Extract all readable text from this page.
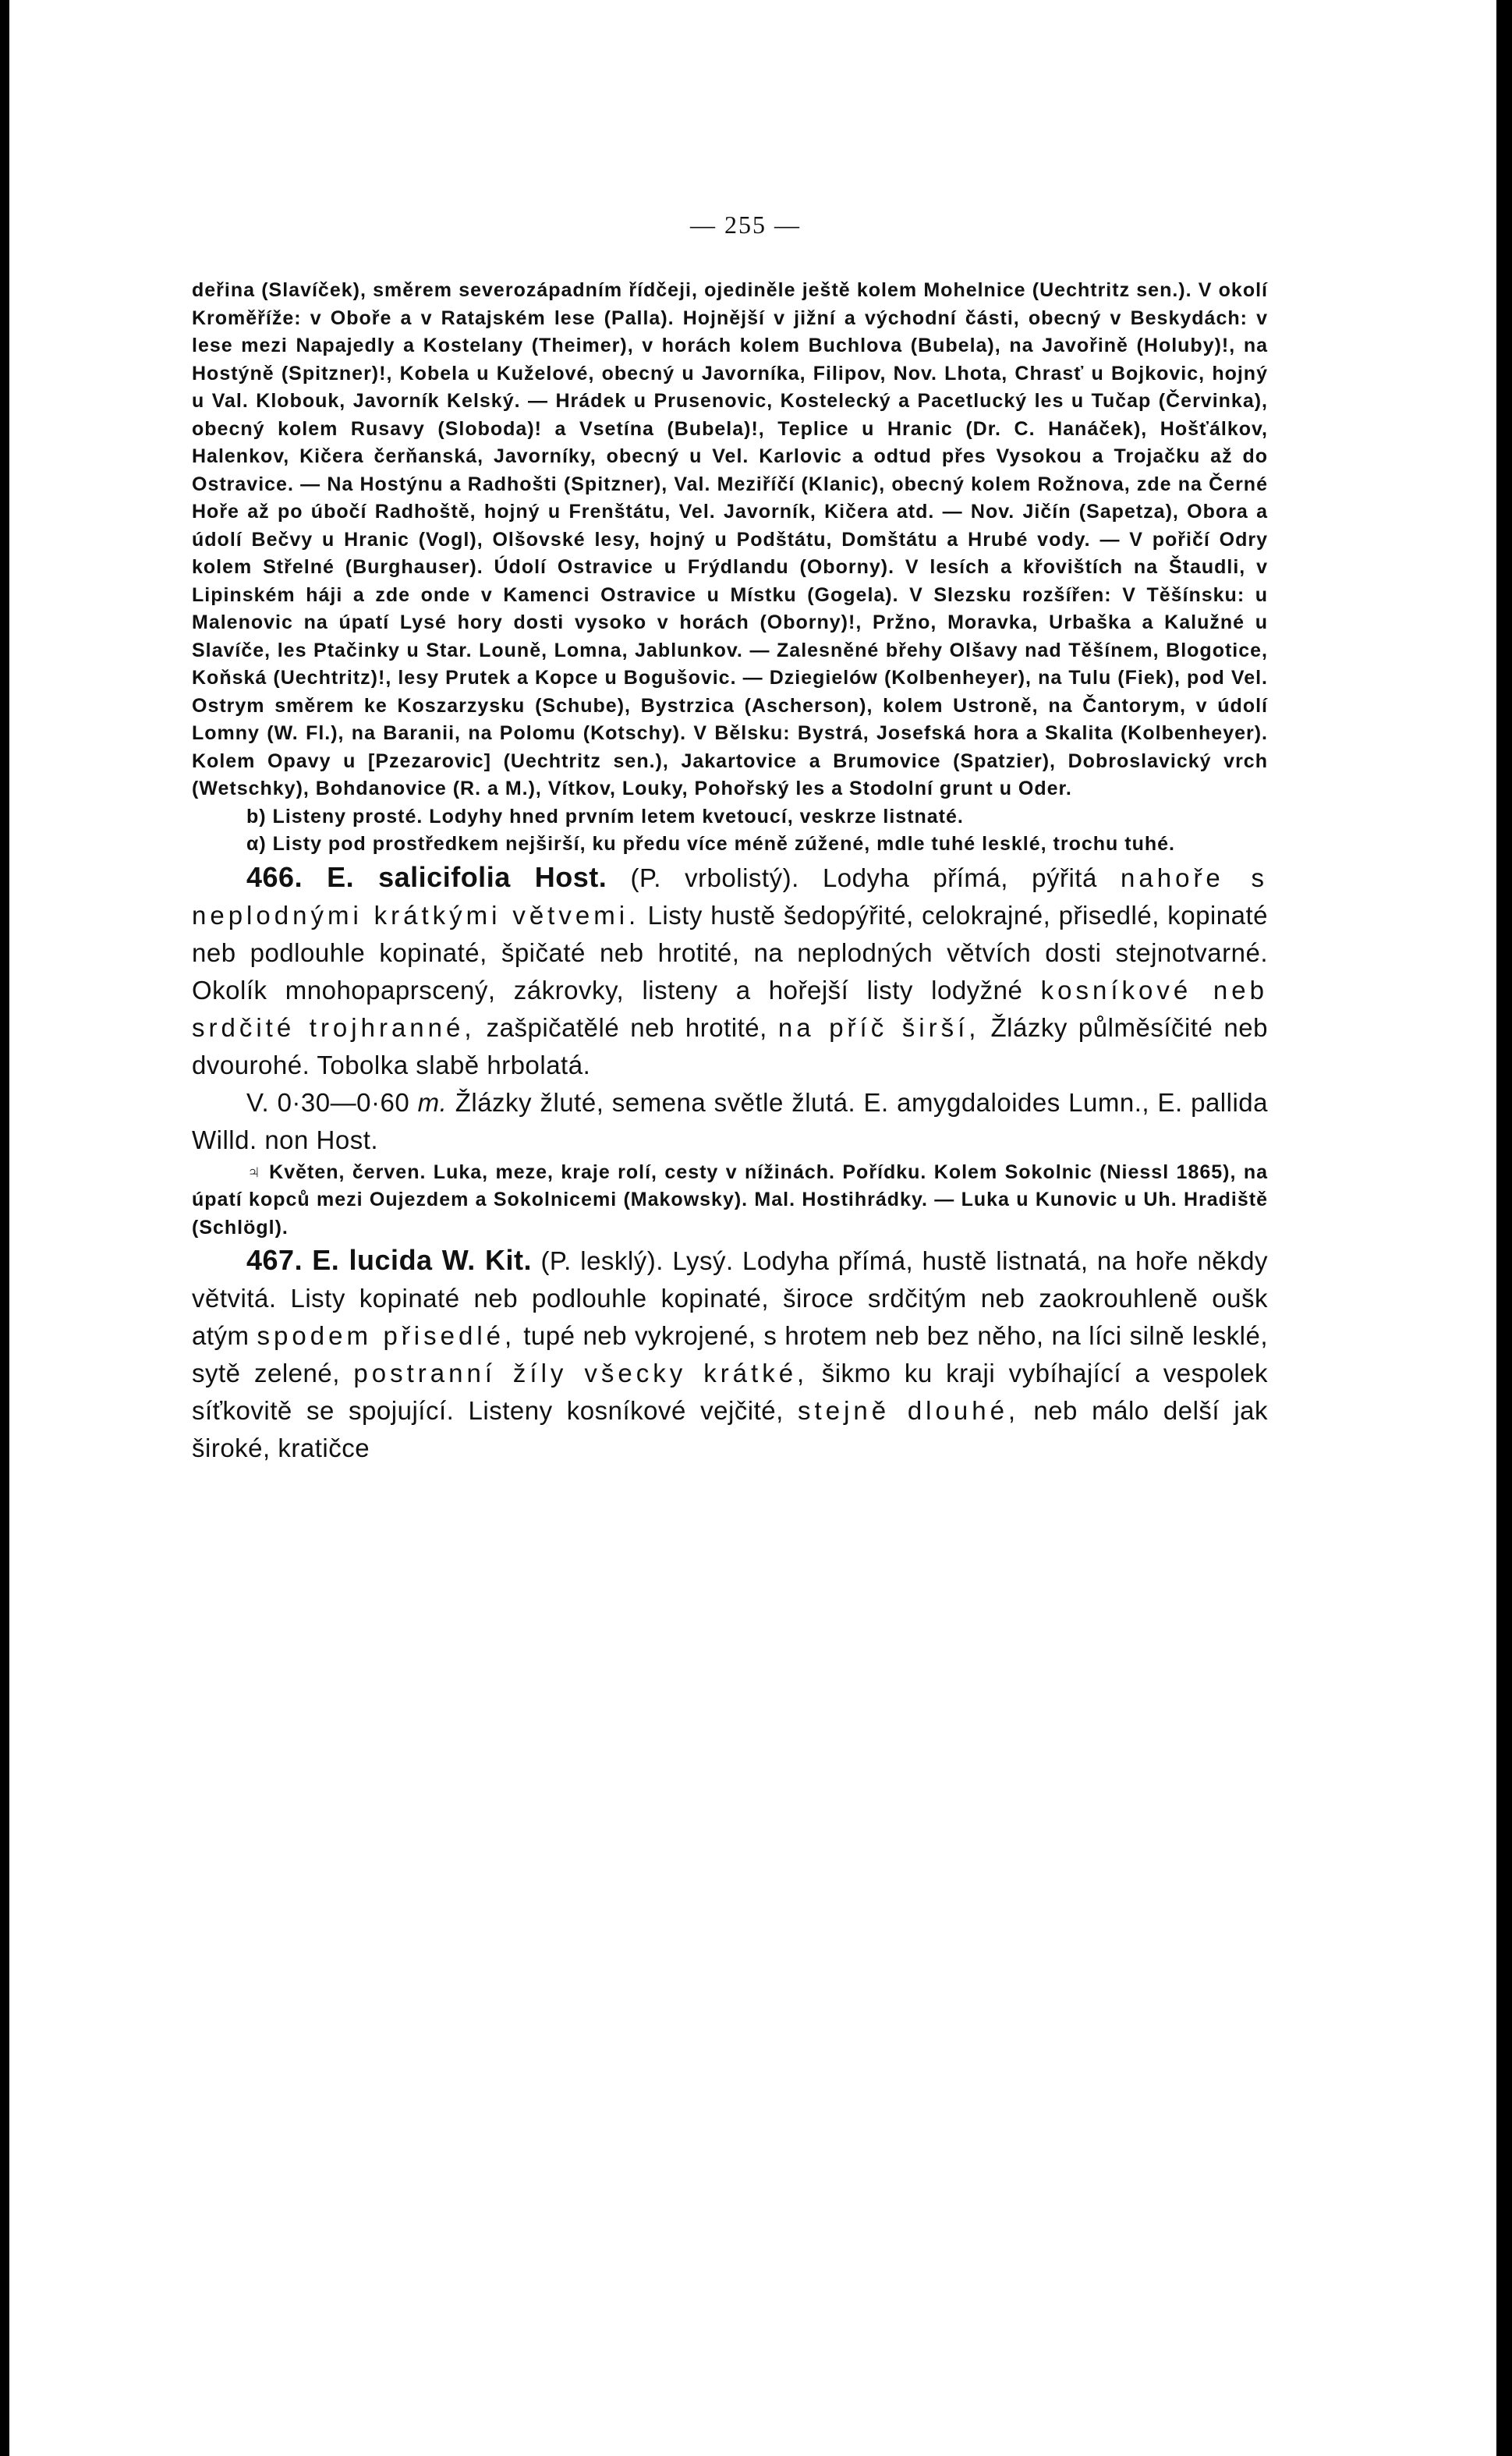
— 255 —

deřina (Slavíček), směrem severozápadním řídčeji, ojediněle ještě kolem Mohelnice (Uechtritz sen.). V okolí Kroměříže: v Oboře a v Ratajském lese (Palla). Hojnější v jižní a východní části, obecný v Beskydách: v lese mezi Napajedly a Kostelany (Theimer), v horách kolem Buchlova (Bubela), na Javořině (Holuby)!, na Hostýně (Spitzner)!, Kobela u Kuželové, obecný u Javorníka, Filipov, Nov. Lhota, Chrasť u Bojkovic, hojný u Val. Klobouk, Javorník Kelský. — Hrádek u Prusenovic, Kostelecký a Pacetlucký les u Tučap (Červinka), obecný kolem Rusavy (Sloboda)! a Vsetína (Bubela)!, Teplice u Hranic (Dr. C. Hanáček), Hošťálkov, Halenkov, Kičera čerňanská, Javorníky, obecný u Vel. Karlovic a odtud přes Vysokou a Trojačku až do Ostravice. — Na Hostýnu a Radhošti (Spitzner), Val. Meziříčí (Klanic), obecný kolem Rožnova, zde na Černé Hoře až po úbočí Radhoště, hojný u Frenštátu, Vel. Javorník, Kičera atd. — Nov. Jičín (Sapetza), Obora a údolí Bečvy u Hranic (Vogl), Olšovské lesy, hojný u Podštátu, Domštátu a Hrubé vody. — V pořičí Odry kolem Střelné (Burghauser). Údolí Ostravice u Frýdlandu (Oborny). V lesích a křovištích na Štaudli, v Lipinském háji a zde onde v Kamenci Ostravice u Místku (Gogela). V Slezsku rozšířen: V Těšínsku: u Malenovic na úpatí Lysé hory dosti vysoko v horách (Oborny)!, Pržno, Moravka, Urbaška a Kalužné u Slavíče, les Ptačinky u Star. Louně, Lomna, Jablunkov. — Zalesněné břehy Olšavy nad Těšínem, Blogotice, Koňská (Uechtritz)!, lesy Prutek a Kopce u Bogušovic. — Dziegielów (Kolbenheyer), na Tulu (Fiek), pod Vel. Ostrym směrem ke Koszarzysku (Schube), Bystrzica (Ascherson), kolem Ustroně, na Čantorym, v údolí Lomny (W. Fl.), na Baranii, na Polomu (Kotschy). V Bělsku: Bystrá, Josefská hora a Skalita (Kolbenheyer). Kolem Opavy u [Pzezarovic] (Uechtritz sen.), Jakartovice a Brumovice (Spatzier), Dobroslavický vrch (Wetschky), Bohdanovice (R. a M.), Vítkov, Louky, Pohořský les a Stodolní grunt u Oder.

b) Listeny prosté. Lodyhy hned prvním letem kvetoucí, veskrze listnaté.

α) Listy pod prostředkem nejširší, ku předu více méně zúžené, mdle tuhé lesklé, trochu tuhé.

466. E. salicifolia Host. (P. vrbolistý). Lodyha přímá, pýřitá nahoře s neplodnými krátkými větvemi. Listy hustě šedopýřité, celokrajné, přisedlé, kopinaté neb podlouhle kopinaté, špičaté neb hrotité, na neplodných větvích dosti stejnotvarné. Okolík mnohopaprscený, zákrovky, listeny a hořejší listy lodyžné kosníkové neb srdčité trojhranné, zašpičatělé neb hrotité, na příč širší, Žlázky půlměsíčité neb dvourohé. Tobolka slabě hrbolatá.

V. 0·30—0·60 m. Žlázky žluté, semena světle žlutá. E. amygdaloides Lumn., E. pallida Willd. non Host.

♃ Květen, červen. Luka, meze, kraje rolí, cesty v nížinách. Pořídku. Kolem Sokolnic (Niessl 1865), na úpatí kopců mezi Oujezdem a Sokolnicemi (Makowsky). Mal. Hostihrádky. — Luka u Kunovic u Uh. Hradiště (Schlögl).

467. E. lucida W. Kit. (P. lesklý). Lysý. Lodyha přímá, hustě listnatá, na hoře někdy větvitá. Listy kopinaté neb podlouhle kopinaté, široce srdčitým neb zaokrouhleně oušk atým spodem přisedlé, tupé neb vykrojené, s hrotem neb bez něho, na líci silně lesklé, sytě zelené, postranní žíly všecky krátké, šikmo ku kraji vybíhající a vespolek síťkovitě se spojující. Listeny kosníkové vejčité, stejně dlouhé, neb málo delší jak široké, kratičce
